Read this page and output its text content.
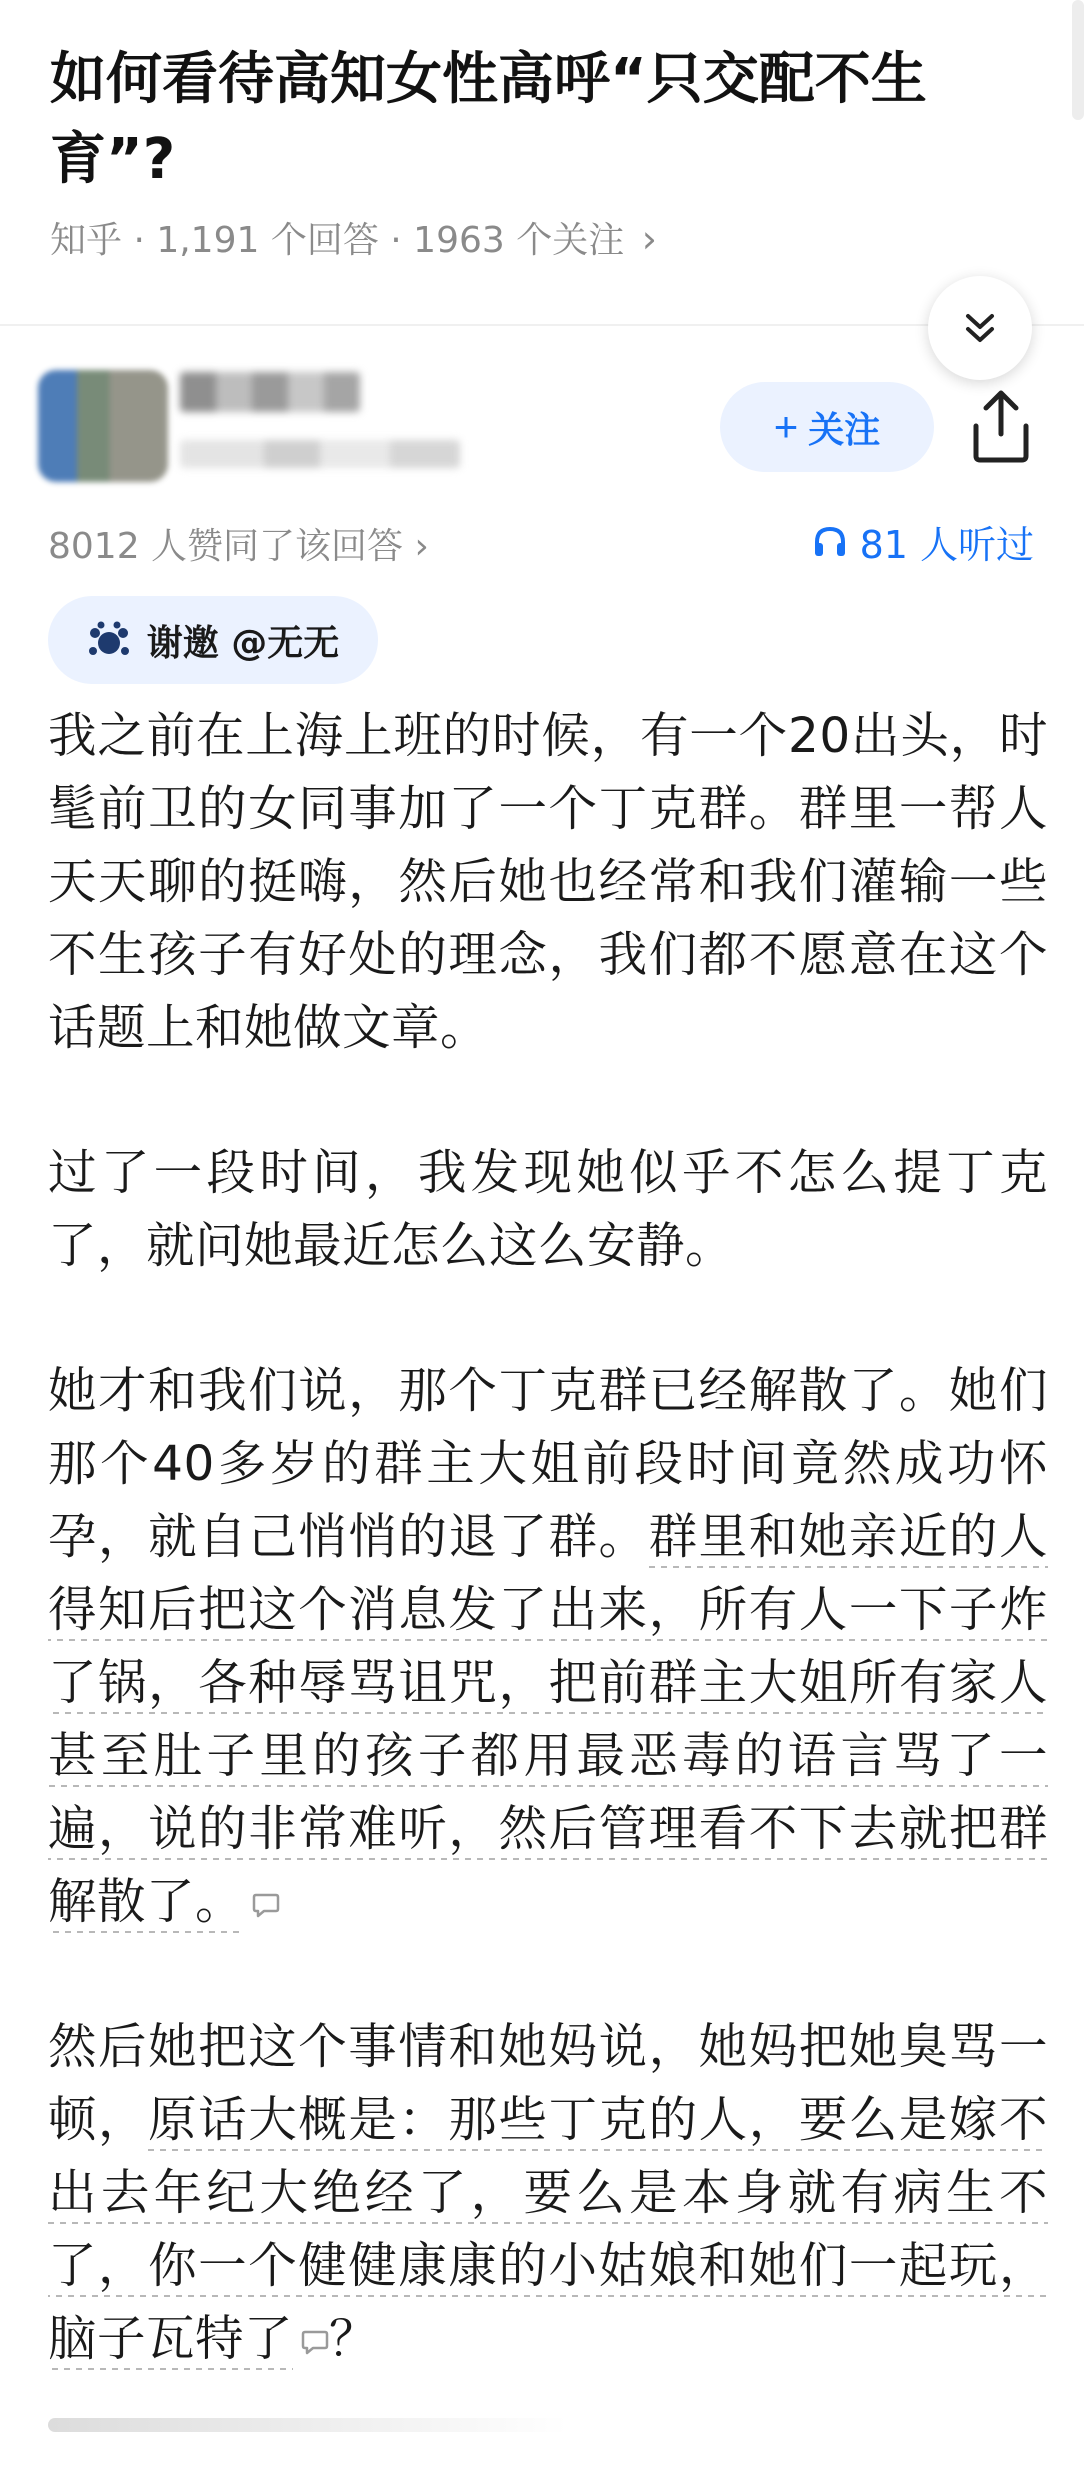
如何看待高知女性高呼“只交配不生育”?
知乎 · 1,191 个回答 · 1963 个关注 ›
+ 关注
8012 人赞同了该回答 ›	81 人听过
谢邀 @无无

我之前在上海上班的时候，有一个20出头，时髦前卫的女同事加了一个丁克群。群里一帮人天天聊的挺嗨，然后她也经常和我们灌输一些不生孩子有好处的理念，我们都不愿意在这个话题上和她做文章。

过了一段时间，我发现她似乎不怎么提丁克了，就问她最近怎么这么安静。

她才和我们说，那个丁克群已经解散了。她们那个40多岁的群主大姐前段时间竟然成功怀孕，就自己悄悄的退了群。群里和她亲近的人得知后把这个消息发了出来，所有人一下子炸了锅，各种辱骂诅咒，把前群主大姐所有家人甚至肚子里的孩子都用最恶毒的语言骂了一遍，说的非常难听，然后管理看不下去就把群解散了。

然后她把这个事情和她妈说，她妈把她臭骂一顿，原话大概是：那些丁克的人，要么是嫁不出去年纪大绝经了，要么是本身就有病生不了，你一个健健康康的小姑娘和她们一起玩，脑子瓦特了 ？
